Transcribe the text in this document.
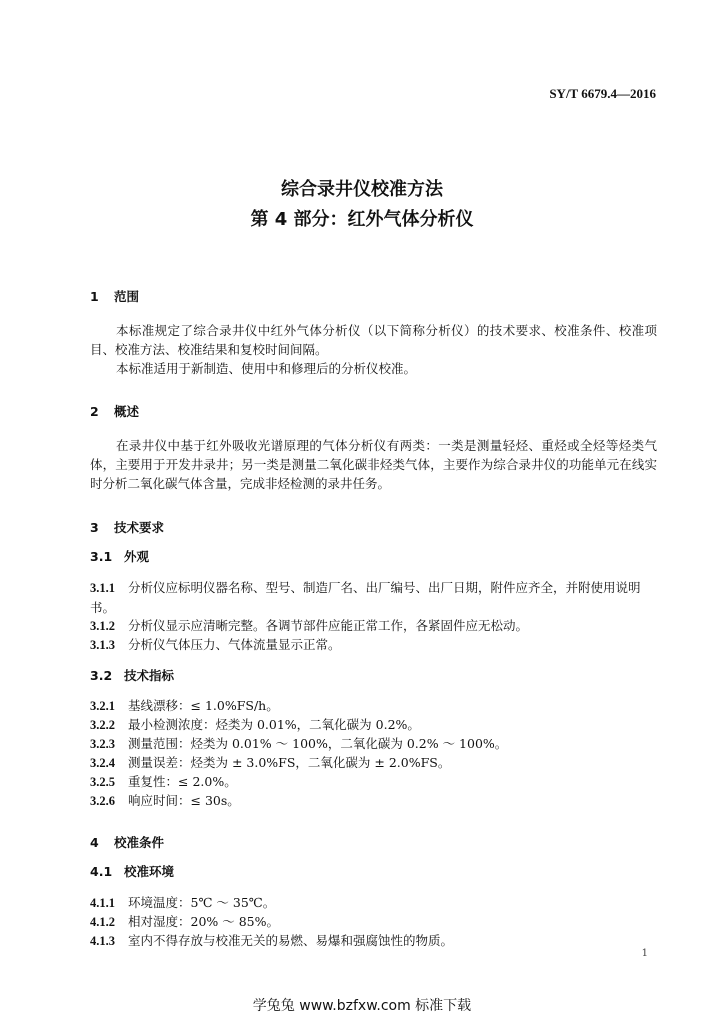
SY/T 6679.4—2016
综合录井仪校准方法
第 4 部分：红外气体分析仪
1 范围
本标准规定了综合录井仪中红外气体分析仪（以下简称分析仪）的技术要求、校准条件、校准项目、校准方法、校准结果和复校时间间隔。
本标准适用于新制造、使用中和修理后的分析仪校准。
2 概述
在录井仪中基于红外吸收光谱原理的气体分析仪有两类：一类是测量轻烃、重烃或全烃等烃类气体，主要用于开发井录井；另一类是测量二氧化碳非烃类气体，主要作为综合录井仪的功能单元在线实时分析二氧化碳气体含量，完成非烃检测的录井任务。
3 技术要求
3.1 外观
3.1.1 分析仪应标明仪器名称、型号、制造厂名、出厂编号、出厂日期，附件应齐全，并附使用说明书。
3.1.2 分析仪显示应清晰完整。各调节部件应能正常工作，各紧固件应无松动。
3.1.3 分析仪气体压力、气体流量显示正常。
3.2 技术指标
3.2.1 基线漂移：≤ 1.0%FS/h。
3.2.2 最小检测浓度：烃类为 0.01%，二氧化碳为 0.2%。
3.2.3 测量范围：烃类为 0.01% ～ 100%，二氧化碳为 0.2% ～ 100%。
3.2.4 测量误差：烃类为 ± 3.0%FS，二氧化碳为 ± 2.0%FS。
3.2.5 重复性：≤ 2.0%。
3.2.6 响应时间：≤ 30s。
4 校准条件
4.1 校准环境
4.1.1 环境温度：5℃ ～ 35℃。
4.1.2 相对湿度：20% ～ 85%。
4.1.3 室内不得存放与校准无关的易燃、易爆和强腐蚀性的物质。
1
学兔兔 www.bzfxw.com 标准下载
